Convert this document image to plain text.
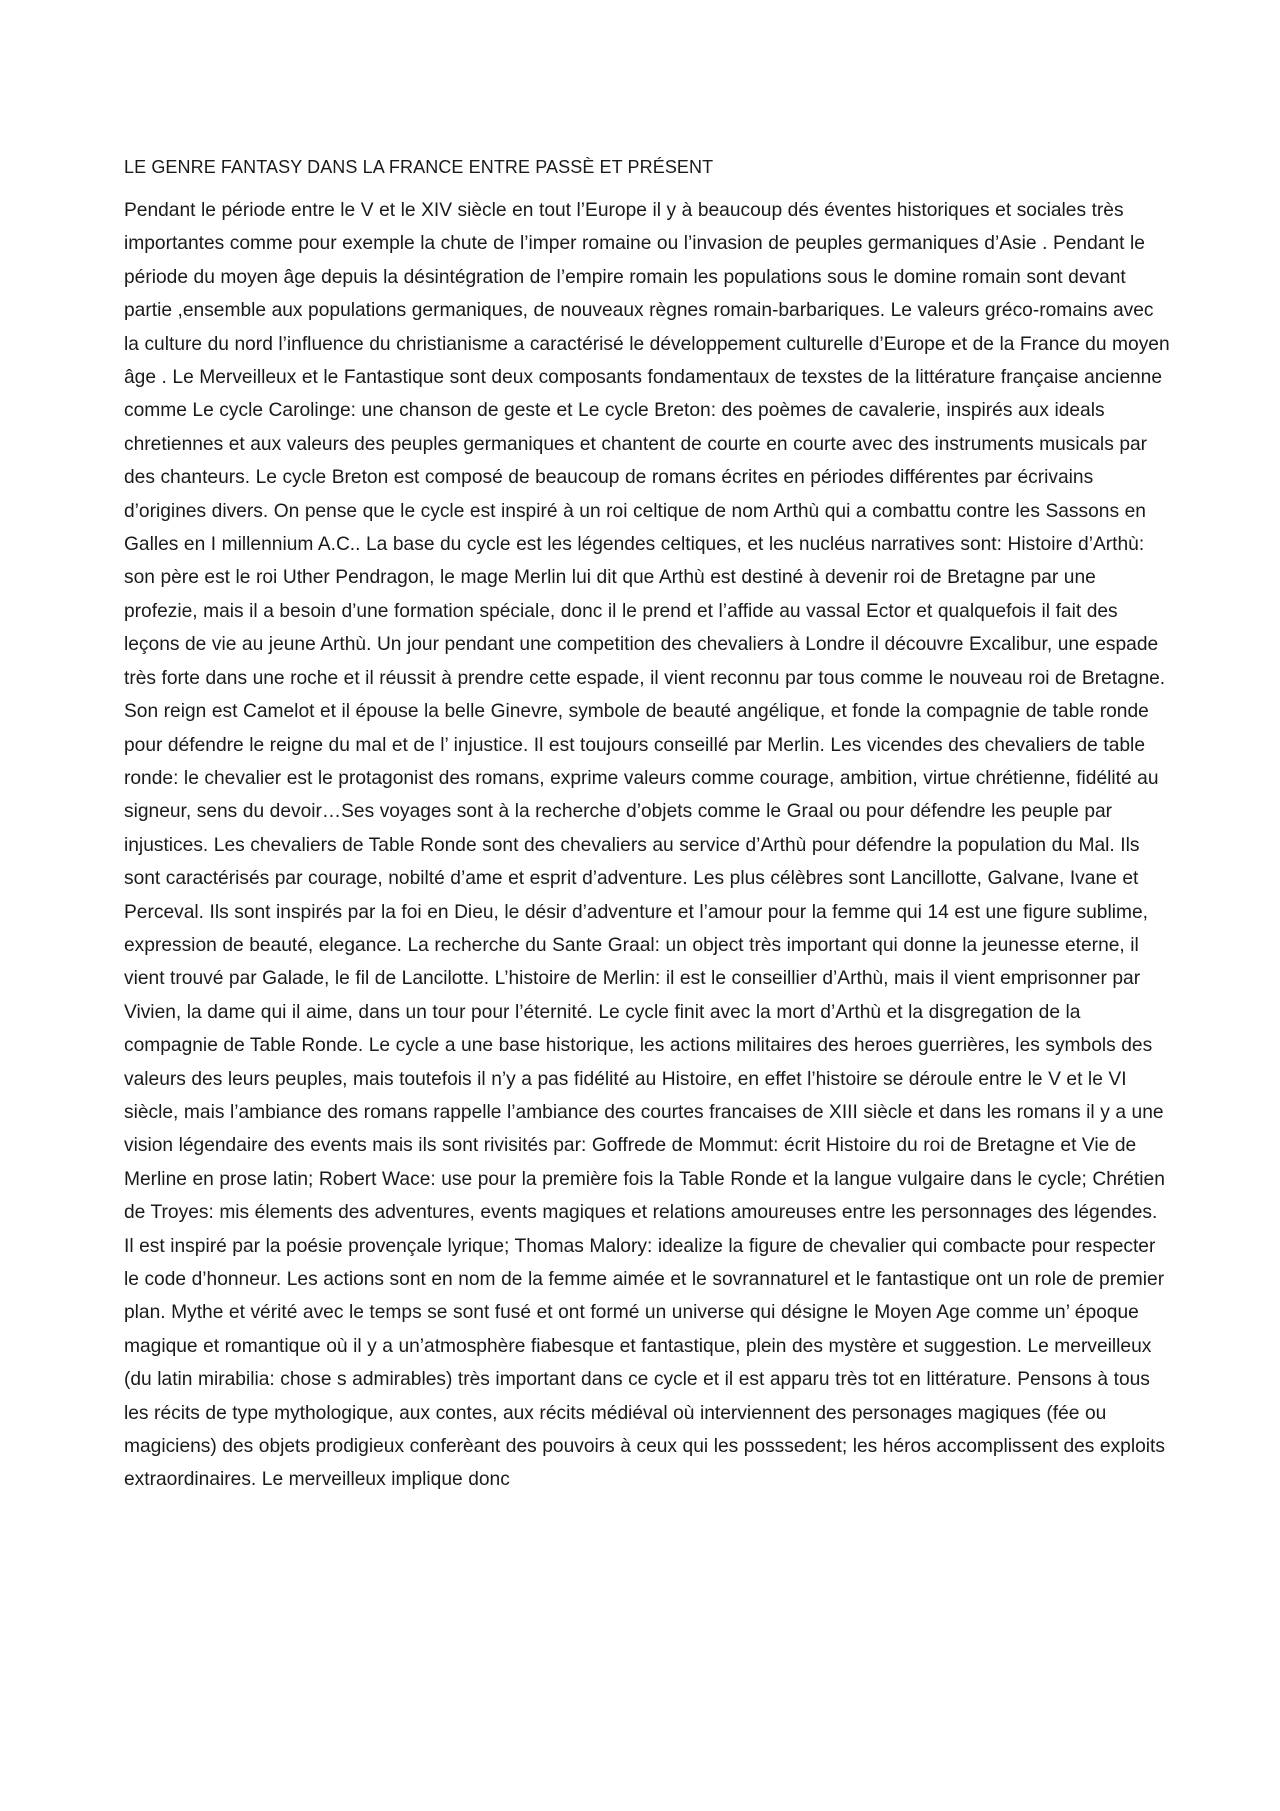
LE GENRE FANTASY DANS LA FRANCE ENTRE PASSÈ ET PRÉSENT

Pendant le période entre le V et le XIV siècle en tout l’Europe il y à beaucoup dés éventes historiques et sociales très importantes comme pour exemple la chute de l’imper romaine ou l’invasion de peuples germaniques d’Asie . Pendant le période du moyen âge depuis la désintégration de l’empire romain les populations sous le domine romain sont devant partie ,ensemble aux populations germaniques, de nouveaux règnes romain-barbariques. Le valeurs gréco-romains avec la culture du nord l’influence du christianisme a caractérisé le développement culturelle d’Europe et de la France du moyen âge . Le Merveilleux et le Fantastique sont deux composants fondamentaux de texstes de la littérature française ancienne comme Le cycle Carolinge: une chanson de geste et Le cycle Breton: des poèmes de cavalerie, inspirés aux ideals chretiennes et aux valeurs des peuples germaniques et chantent de courte en courte avec des instruments musicals par des chanteurs. Le cycle Breton est composé de beaucoup de romans écrites en périodes différentes par écrivains d’origines divers. On pense que le cycle est inspiré à un roi celtique de nom Arthù qui a combattu contre les Sassons en Galles en I millennium A.C.. La base du cycle est les légendes celtiques, et les nucléus narratives sont: Histoire d’Arthù: son père est le roi Uther Pendragon, le mage Merlin lui dit que Arthù est destiné à devenir roi de Bretagne par une profezie, mais il a besoin d’une formation spéciale, donc il le prend et l’affide au vassal Ector et qualquefois il fait des leçons de vie au jeune Arthù. Un jour pendant une competition des chevaliers à Londre il découvre Excalibur, une espade très forte dans une roche et il réussit à prendre cette espade, il vient reconnu par tous comme le nouveau roi de Bretagne. Son reign est Camelot et il épouse la belle Ginevre, symbole de beauté angélique, et fonde la compagnie de table ronde pour défendre le reigne du mal et de l’ injustice. Il est toujours conseillé par Merlin. Les vicendes des chevaliers de table ronde: le chevalier est le protagonist des romans, exprime valeurs comme courage, ambition, virtue chrétienne, fidélité au signeur, sens du devoir…Ses voyages sont à la recherche d’objets comme le Graal ou pour défendre les peuple par injustices. Les chevaliers de Table Ronde sont des chevaliers au service d’Arthù pour défendre la population du Mal. Ils sont caractérisés par courage, nobilté d’ame et esprit d’adventure. Les plus célèbres sont Lancillotte, Galvane, Ivane et Perceval. Ils sont inspirés par la foi en Dieu, le désir d’adventure et l’amour pour la femme qui 14 est une figure sublime, expression de beauté, elegance. La recherche du Sante Graal: un object très important qui donne la jeunesse eterne, il vient trouvé par Galade, le fil de Lancilotte. L’histoire de Merlin: il est le conseillier d’Arthù, mais il vient emprisonner par Vivien, la dame qui il aime, dans un tour pour l’éternité. Le cycle finit avec la mort d’Arthù et la disgregation de la compagnie de Table Ronde. Le cycle a une base historique, les actions militaires des heroes guerrières, les symbols des valeurs des leurs peuples, mais toutefois il n’y a pas fidélité au Histoire, en effet l’histoire se déroule entre le V et le VI siècle, mais l’ambiance des romans rappelle l’ambiance des courtes francaises de XIII siècle et dans les romans il y a une vision légendaire des events mais ils sont rivisités par: Goffrede de Mommut: écrit Histoire du roi de Bretagne et Vie de Merline en prose latin; Robert Wace: use pour la première fois la Table Ronde et la langue vulgaire dans le cycle; Chrétien de Troyes: mis élements des adventures, events magiques et relations amoureuses entre les personnages des légendes. Il est inspiré par la poésie provençale lyrique; Thomas Malory: idealize la figure de chevalier qui combacte pour respecter le code d’honneur. Les actions sont en nom de la femme aimée et le sovrannaturel et le fantastique ont un role de premier plan. Mythe et vérité avec le temps se sont fusé et ont formé un universe qui désigne le Moyen Age comme un’ époque magique et romantique où il y a un’atmosphère fiabesque et fantastique, plein des mystère et suggestion. Le merveilleux (du latin mirabilia: chose s admirables) très important dans ce cycle et il est apparu très tot en littérature. Pensons à tous les récits de type mythologique, aux contes, aux récits médiéval où interviennent des personages magiques (fée ou magiciens) des objets prodigieux conferèant des pouvoirs à ceux qui les posssedent; les héros accomplissent des exploits extraordinaires. Le merveilleux implique donc
